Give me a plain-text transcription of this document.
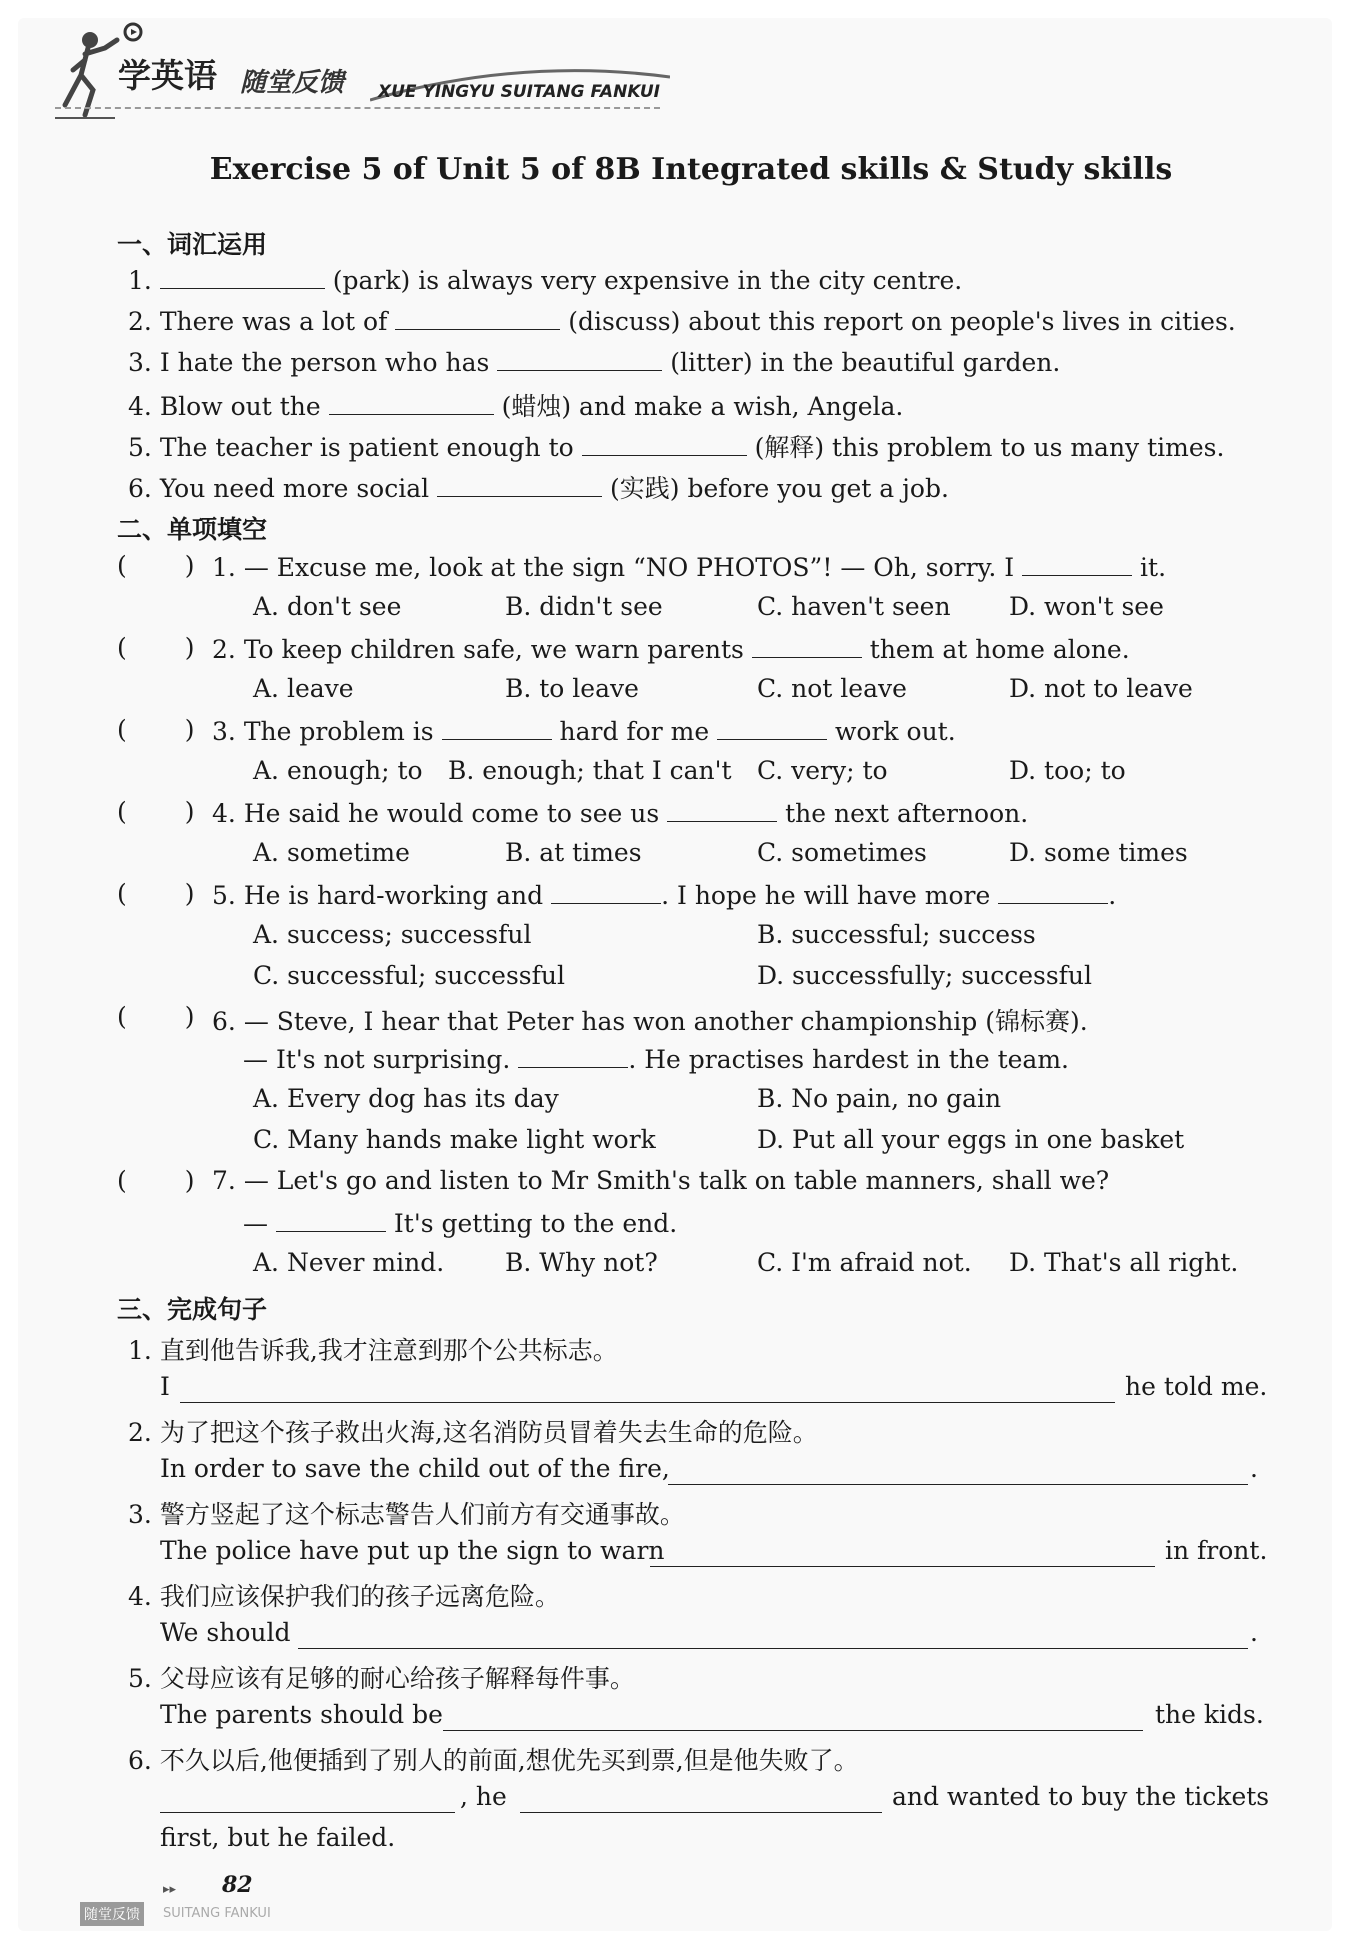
学英语 随堂反馈 XUE YINGYU SUITANG FANKUI
Exercise 5 of Unit 5 of 8B Integrated skills & Study skills
一、词汇运用
1.	(park) is always very expensive in the city centre.
2. There was a lot of	(discuss) about this report on people's lives in cities.
3. I hate the person who has	(litter) in the beautiful garden.
4. Blow out the	(蜡烛) and make a wish, Angela.
5. The teacher is patient enough to	(解释) this problem to us many times.
6. You need more social	(实践) before you get a job.
二、单项填空
( ) 1. — Excuse me, look at the sign “NO PHOTOS”! — Oh, sorry. I	it.
A. don't see	B. didn't see	C. haven't seen D. won't see
( ) 2. To keep children safe, we warn parents	them at home alone.
A. leave	B. to leave	C. not leave	D. not to leave
( ) 3. The problem is	hard for me	work out.
A. enough; to B. enough; that I can't C. very; to	D. too; to
( ) 4. He said he would come to see us	the next afternoon.
A. sometime	B. at times	C. sometimes	D. some times
( ) 5. He is hard-working and	. I hope he will have more	.
A. success; successful	B. successful; success
C. successful; successful	D. successfully; successful
( ) 6. — Steve, I hear that Peter has won another championship (锦标赛).
— It's not surprising.	. He practises hardest in the team.
A. Every dog has its day	B. No pain, no gain
C. Many hands make light work	D. Put all your eggs in one basket
( ) 7. — Let's go and listen to Mr Smith's talk on table manners, shall we?
—	It's getting to the end.
A. Never mind. B. Why not?	C. I'm afraid not. D. That's all right.
三、完成句子
1. 直到他告诉我,我才注意到那个公共标志。
I	he told me.
2. 为了把这个孩子救出火海,这名消防员冒着失去生命的危险。
In order to save the child out of the fire,	.
3. 警方竖起了这个标志警告人们前方有交通事故。
The police have put up the sign to warn	in front.
4. 我们应该保护我们的孩子远离危险。
We should	.
5. 父母应该有足够的耐心给孩子解释每件事。
The parents should be	the kids.
6. 不久以后,他便插到了别人的前面,想优先买到票,但是他失败了。
, he	and wanted to buy the tickets
first, but he failed.
▸▸ 82
随堂反馈	SUITANG FANKUI
